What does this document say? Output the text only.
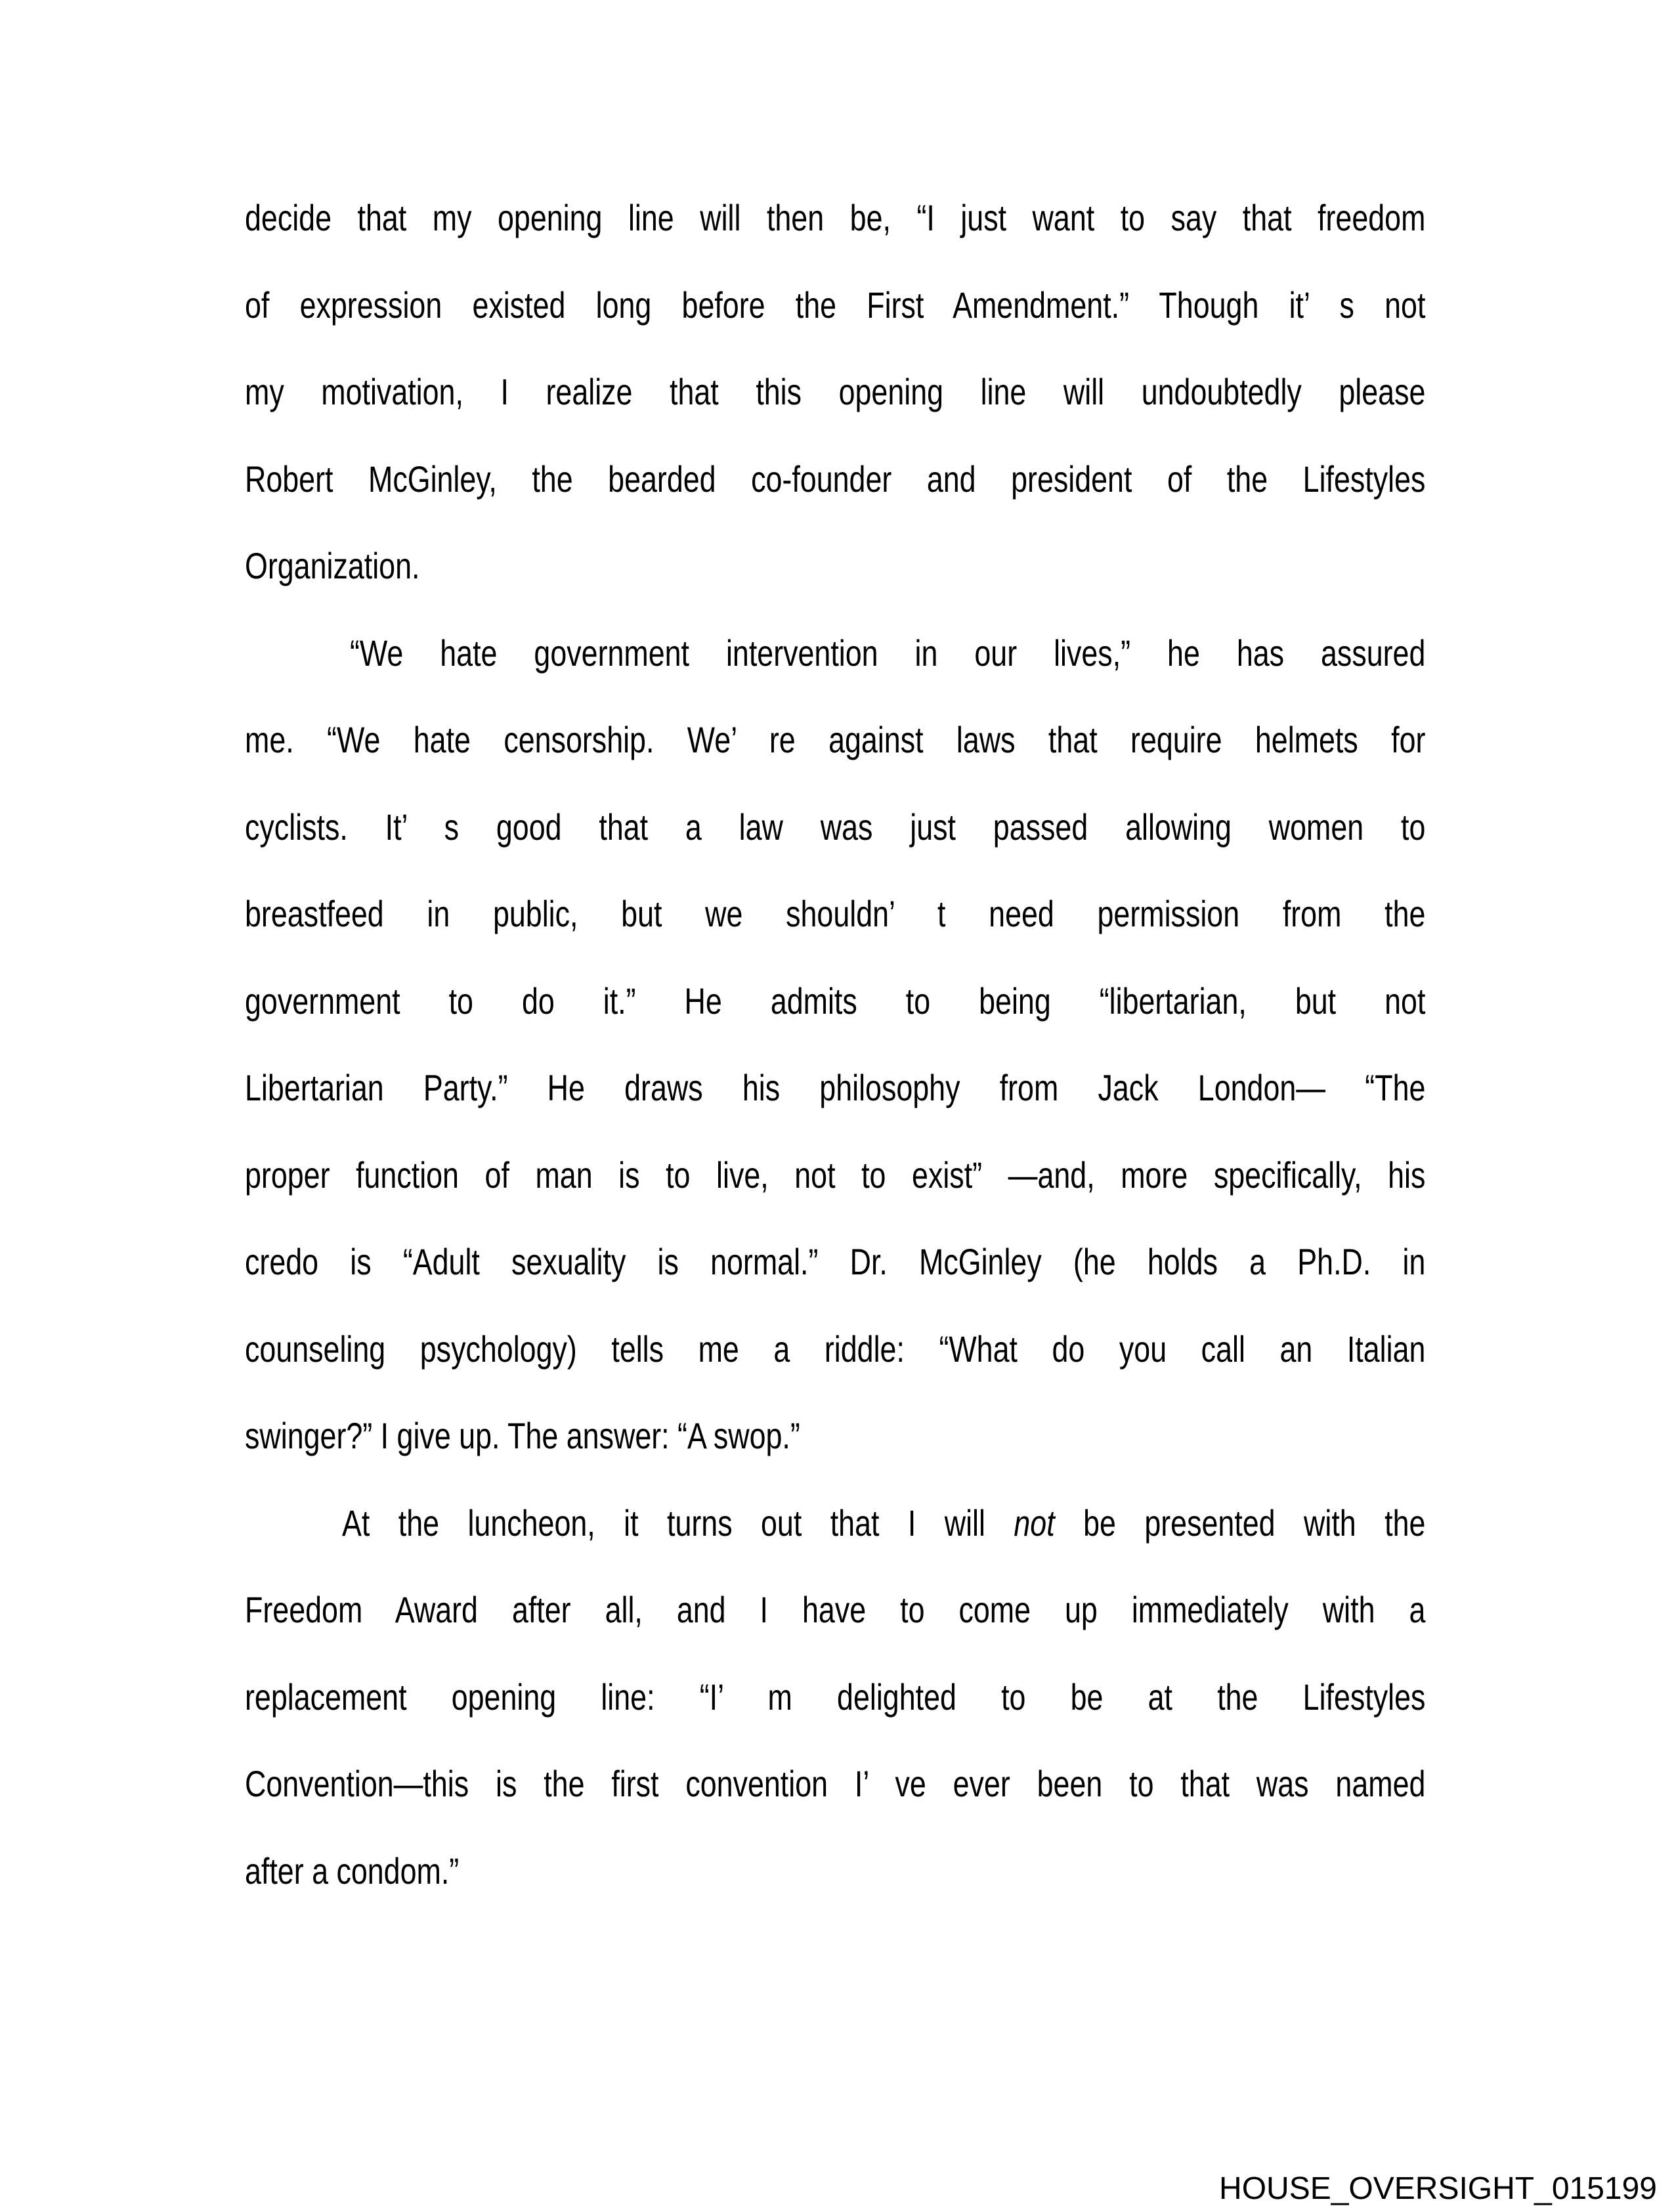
decide that my opening line will then be, “I just want to say that freedom
of expression existed long before the First Amendment.” Though it’ s not
my motivation, I realize that this opening line will undoubtedly please
Robert McGinley, the bearded co-founder and president of the Lifestyles
Organization.
“We hate government intervention in our lives,” he has assured
me. “We hate censorship. We’ re against laws that require helmets for
cyclists. It’ s good that a law was just passed allowing women to
breastfeed in public, but we shouldn’ t need permission from the
government to do it.” He admits to being “libertarian, but not
Libertarian Party.” He draws his philosophy from Jack London— “The
proper function of man is to live, not to exist” —and, more specifically, his
credo is “Adult sexuality is normal.” Dr. McGinley (he holds a Ph.D. in
counseling psychology) tells me a riddle: “What do you call an Italian
swinger?” I give up. The answer: “A swop.”
At the luncheon, it turns out that I will not be presented with the
Freedom Award after all, and I have to come up immediately with a
replacement opening line: “I’ m delighted to be at the Lifestyles
Convention—this is the first convention I’ ve ever been to that was named
after a condom.”
HOUSE_OVERSIGHT_015199
